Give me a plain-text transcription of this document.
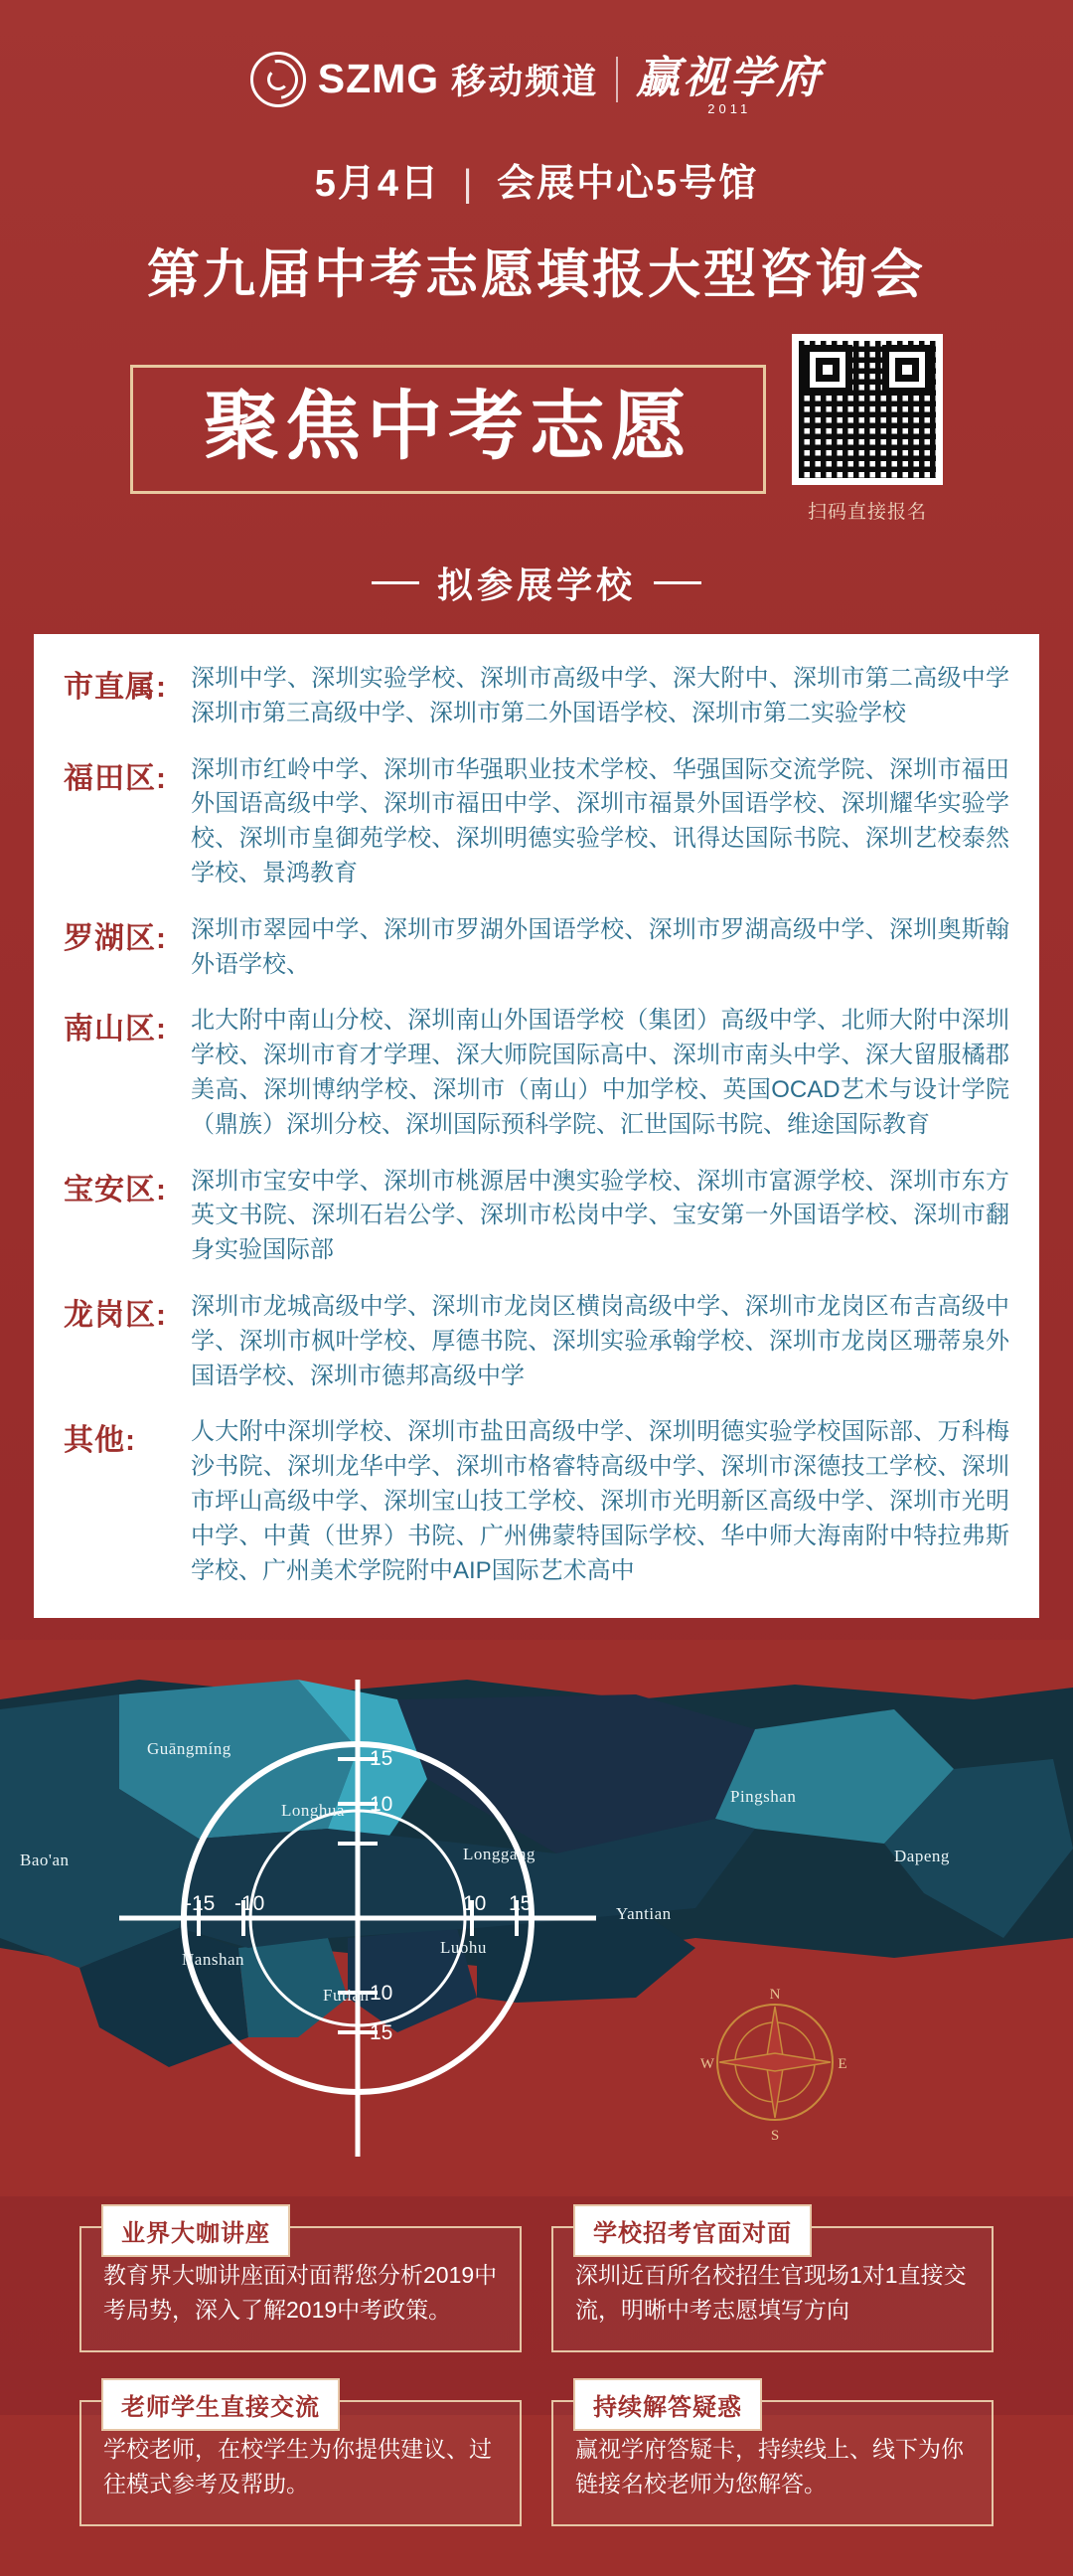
SZMG 移动频道 赢视学府
2011
5月4日 | 会展中心5号馆
第九届中考志愿填报大型咨询会
聚焦中考志愿
扫码直接报名
拟参展学校
市直属:	深圳中学、深圳实验学校、深圳市高级中学、深大附中、深圳市第二高级中学深圳市第三高级中学、深圳市第二外国语学校、深圳市第二实验学校
福田区:	深圳市红岭中学、深圳市华强职业技术学校、华强国际交流学院、深圳市福田外国语高级中学、深圳市福田中学、深圳市福景外国语学校、深圳耀华实验学校、深圳市皇御苑学校、深圳明德实验学校、讯得达国际书院、深圳艺校泰然学校、景鸿教育
罗湖区:	深圳市翠园中学、深圳市罗湖外国语学校、深圳市罗湖高级中学、深圳奥斯翰外语学校、
南山区:	北大附中南山分校、深圳南山外国语学校（集团）高级中学、北师大附中深圳学校、深圳市育才学理、深大师院国际高中、深圳市南头中学、深大留服橘郡美高、深圳博纳学校、深圳市（南山）中加学校、英国OCAD艺术与设计学院（鼎族）深圳分校、深圳国际预科学院、汇世国际书院、维途国际教育
宝安区:	深圳市宝安中学、深圳市桃源居中澳实验学校、深圳市富源学校、深圳市东方英文书院、深圳石岩公学、深圳市松岗中学、宝安第一外国语学校、深圳市翻身实验国际部
龙岗区:	深圳市龙城高级中学、深圳市龙岗区横岗高级中学、深圳市龙岗区布吉高级中学、深圳市枫叶学校、厚德书院、深圳实验承翰学校、深圳市龙岗区珊蒂泉外国语学校、深圳市德邦高级中学
其他:	人大附中深圳学校、深圳市盐田高级中学、深圳明德实验学校国际部、万科梅沙书院、深圳龙华中学、深圳市格睿特高级中学、深圳市深德技工学校、深圳市坪山高级中学、深圳宝山技工学校、深圳市光明新区高级中学、深圳市光明中学、中黄（世界）书院、广州佛蒙特国际学校、华中师大海南附中特拉弗斯学校、广州美术学院附中AIP国际艺术高中
N
E
S
W
15
10
-15 -10	10 15
10
15
Guāngmíng
Bao'an
Longhua
Nanshan
Futian
Luohu
Longgang
Yantian
Pingshan
Dapeng
业界大咖讲座

教育界大咖讲座面对面帮您分析2019中考局势，深入了解2019中考政策。

学校招考官面对面

深圳近百所名校招生官现场1对1直接交流，明晰中考志愿填写方向

老师学生直接交流

学校老师，在校学生为你提供建议、过往模式参考及帮助。

持续解答疑惑

赢视学府答疑卡，持续线上、线下为你链接名校老师为您解答。
